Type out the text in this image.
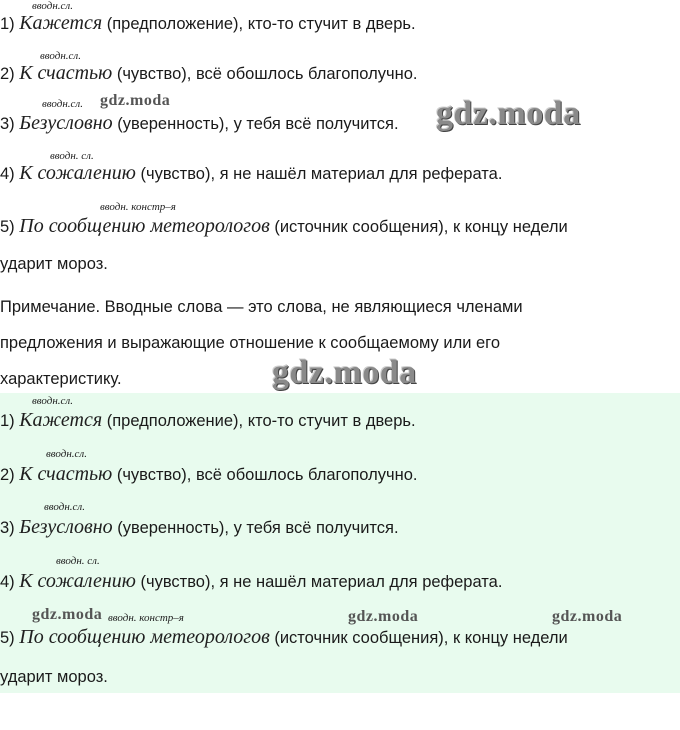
вводн.сл.
1) Кажется (предположение), кто-то стучит в дверь.
вводн.сл.
2) К счастью (чувство), всё обошлось благополучно.
вводн.сл. gdz.moda
3) Безусловно (уверенность), у тебя всё получится. gdz.moda
вводн. сл.
4) К сожалению (чувство), я не нашёл материал для реферата.
вводн. констр–я
5) По сообщению метеорологов (источник сообщения), к концу недели
ударит мороз.
Примечание. Вводные слова — это слова, не являющиеся членами
предложения и выражающие отношение к сообщаемому или его
характеристику.	gdz.moda
вводн.сл.
1) Кажется (предположение), кто-то стучит в дверь.
вводн.сл.
2) К счастью (чувство), всё обошлось благополучно.
вводн.сл.
3) Безусловно (уверенность), у тебя всё получится.
вводн. сл.
4) К сожалению (чувство), я не нашёл материал для реферата.
gdz.moda вводн. констр–я	gdz.moda	gdz.moda
5) По сообщению метеорологов (источник сообщения), к концу недели
ударит мороз.
